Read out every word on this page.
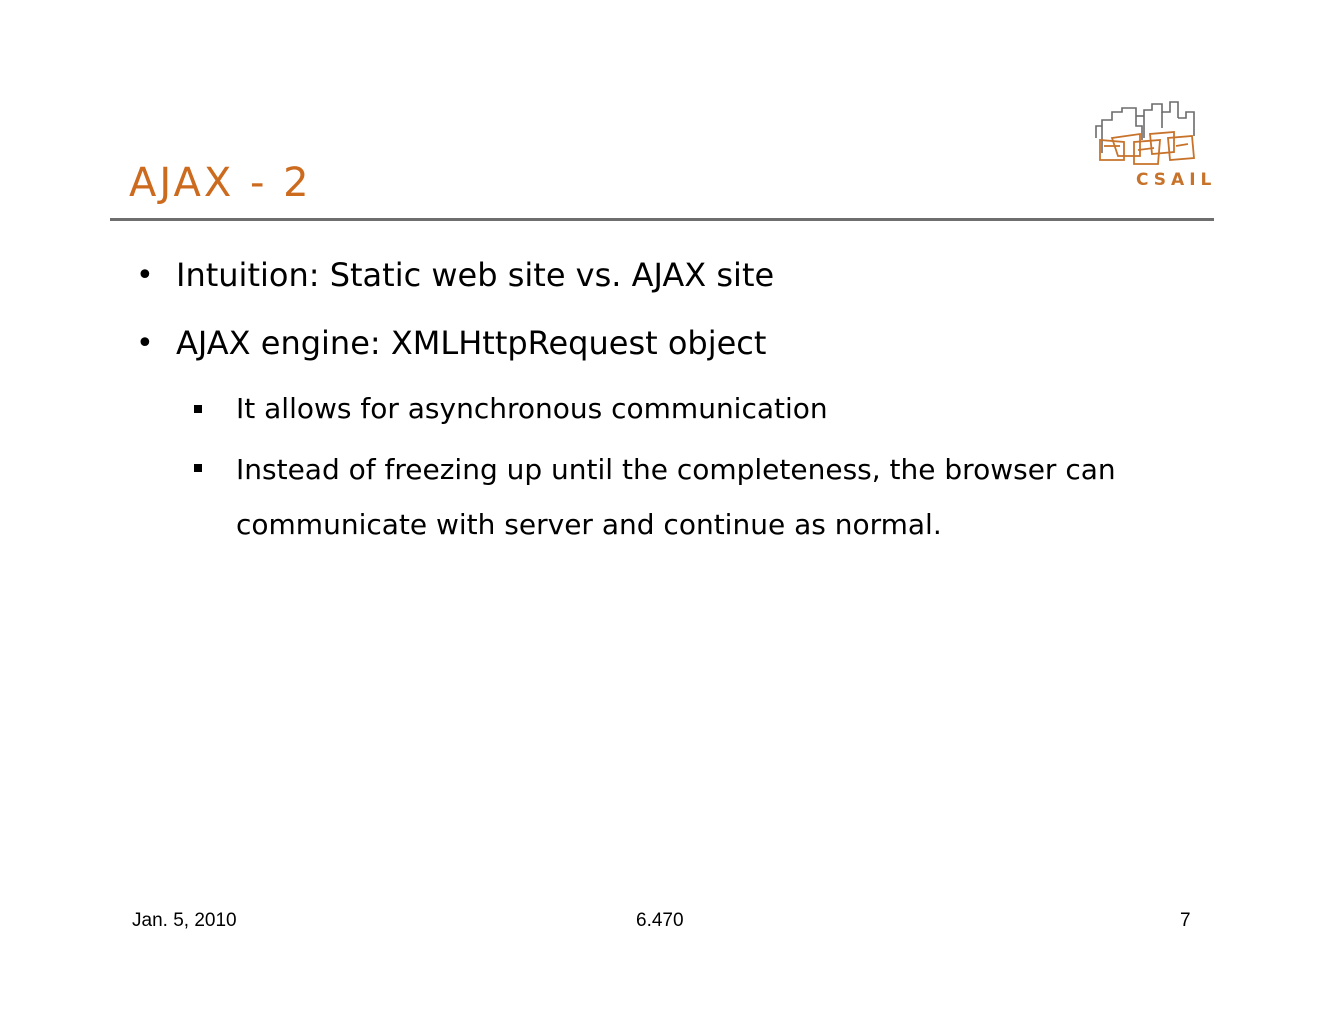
AJAX - 2	CSAIL
• Intuition: Static web site vs. AJAX site
• AJAX engine: XMLHttpRequest object
It allows for asynchronous communication
Instead of freezing up until the completeness, the browser can communicate with server and continue as normal.
Jan. 5, 2010	6.470	7
